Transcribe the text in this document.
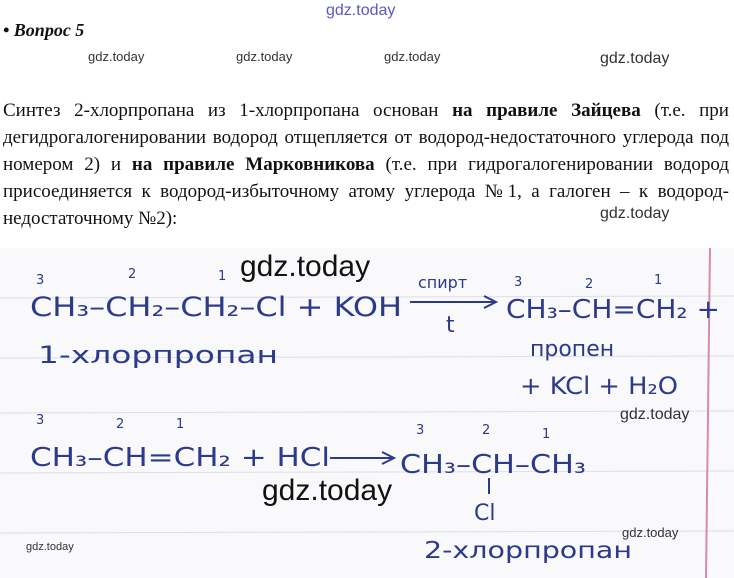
gdz.today
• Вопрос 5
gdz.today	gdz.today	gdz.today	gdz.today
Синтез 2-хлорпропана из 1-хлорпропана основан на правиле Зайцева (т.е. при дегидрогалогенировании водород отщепляется от водород-недостаточного углерода под номером 2) и на правиле Марковникова (т.е. при гидрогалогенировании водород присоединяется к водород-избыточному атому углерода №1, а галоген – к водород-недостаточному №2):	gdz.today
3	2	1	3	2	1
CH₃–CH₂–CH₂–Cl + KOH
спирт
t
CH₃–CH=CH₂ +
1-хлорпропан	пропен
+ KCl + H₂O
3	2	1	3	2	1
CH₃–CH=CH₂ + HCl	CH₃–CH–CH₃
Cl
2-хлорпропан
gdz.today
gdz.today
gdz.today
gdz.today
gdz.today
